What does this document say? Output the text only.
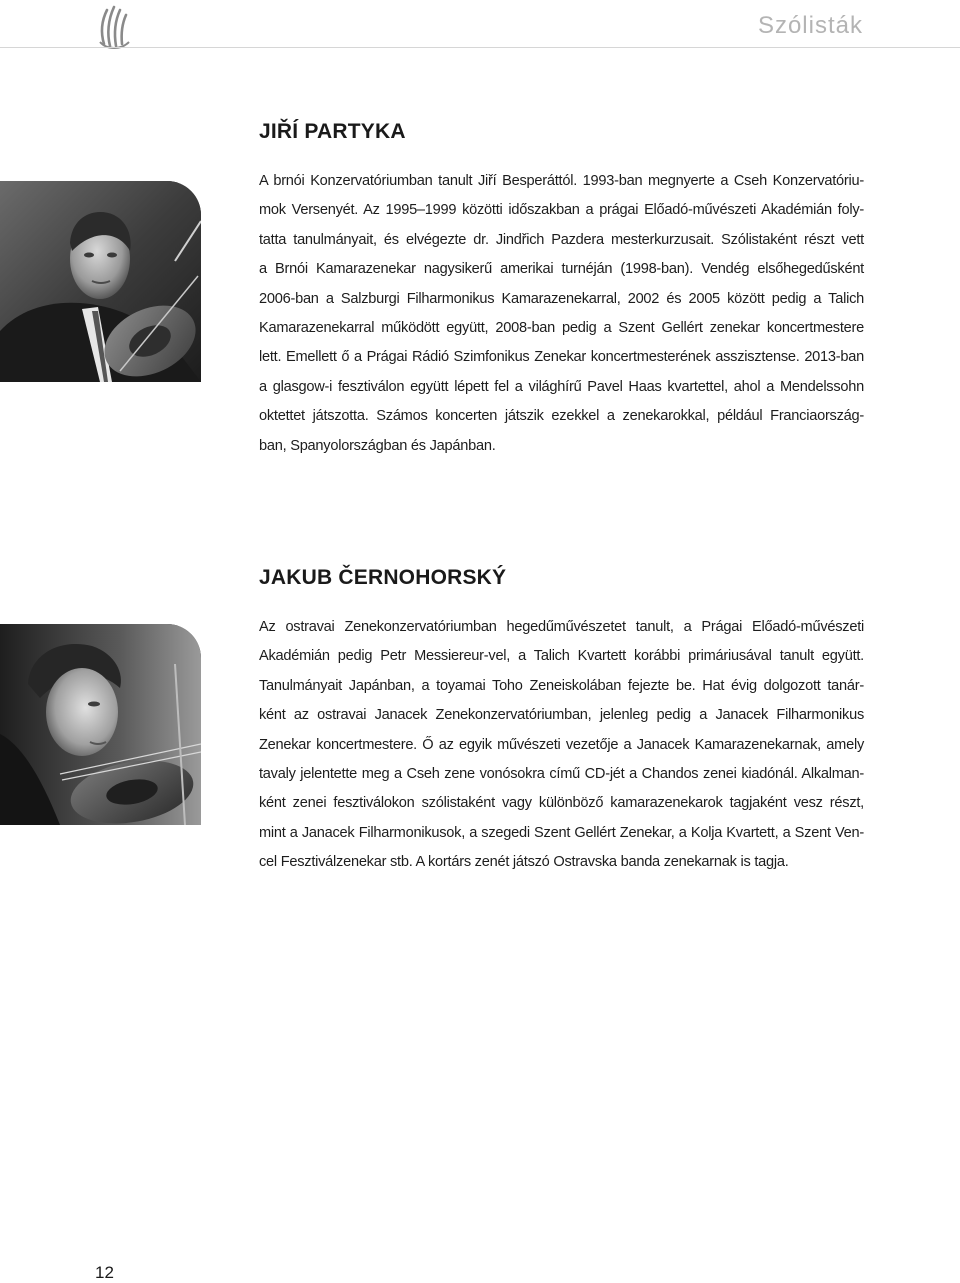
Szólisták
JIŘÍ PARTYKA
A brnói Konzervatóriumban tanult Jiří Besperáttól. 1993-ban megnyerte a Cseh Konzervatóriu-
mok Versenyét. Az 1995–1999 közötti időszakban a prágai Előadó-művészeti Akadémián foly-
tatta tanulmányait, és elvégezte dr. Jindřich Pazdera mesterkurzusait. Szólistaként részt vett
a Brnói Kamarazenekar nagysikerű amerikai turnéján (1998-ban). Vendég elsőhegedűsként
2006-ban a Salzburgi Filharmonikus Kamarazenekarral, 2002 és 2005 között pedig a Talich
Kamarazenekarral működött együtt, 2008-ban pedig a Szent Gellért zenekar koncertmestere
lett. Emellett ő a Prágai Rádió Szimfonikus Zenekar koncertmesterének asszisztense. 2013-ban
a glasgow-i fesztiválon együtt lépett fel a világhírű Pavel Haas kvartettel, ahol a Mendelssohn
oktettet játszotta. Számos koncerten játszik ezekkel a zenekarokkal, például Franciaország-
ban, Spanyolországban és Japánban.
JAKUB ČERNOHORSKÝ
Az ostravai Zenekonzervatóriumban hegedűművészetet tanult, a Prágai Előadó-művészeti
Akadémián pedig Petr Messiereur-vel, a Talich Kvartett korábbi primáriusával tanult együtt.
Tanulmányait Japánban, a toyamai Toho Zeneiskolában fejezte be. Hat évig dolgozott tanár-
ként az ostravai Janacek Zenekonzervatóriumban, jelenleg pedig a Janacek Filharmonikus
Zenekar koncertmestere. Ő az egyik művészeti vezetője a Janacek Kamarazenekarnak, amely
tavaly jelentette meg a Cseh zene vonósokra című CD-jét a Chandos zenei kiadónál. Alkalman-
ként zenei fesztiválokon szólistaként vagy különböző kamarazenekarok tagjaként vesz részt,
mint a Janacek Filharmonikusok, a szegedi Szent Gellért Zenekar, a Kolja Kvartett, a Szent Ven-
cel Fesztiválzenekar stb. A kortárs zenét játszó Ostravska banda zenekarnak is tagja.
12
